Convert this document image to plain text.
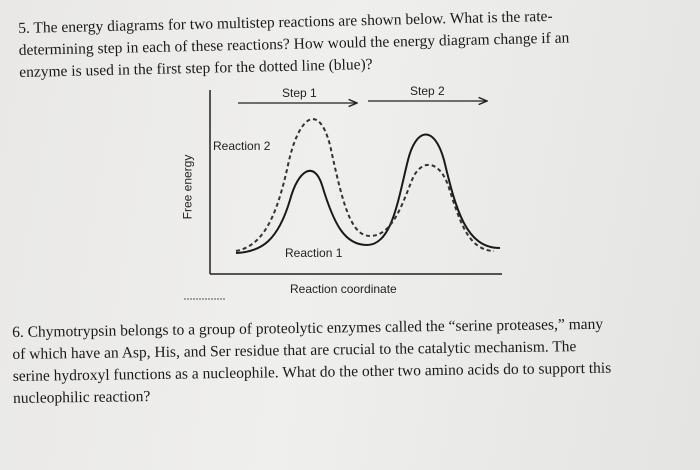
5. The energy diagrams for two multistep reactions are shown below. What is the rate-

determining step in each of these reactions? How would the energy diagram change if an

enzyme is used in the first step for the dotted line (blue)?

Step 1	Step 2
Reaction 2
Reaction 1
Reaction coordinate
Free energy

6. Chymotrypsin belongs to a group of proteolytic enzymes called the “serine proteases,” many

of which have an Asp, His, and Ser residue that are crucial to the catalytic mechanism. The

serine hydroxyl functions as a nucleophile. What do the other two amino acids do to support this

nucleophilic reaction?
